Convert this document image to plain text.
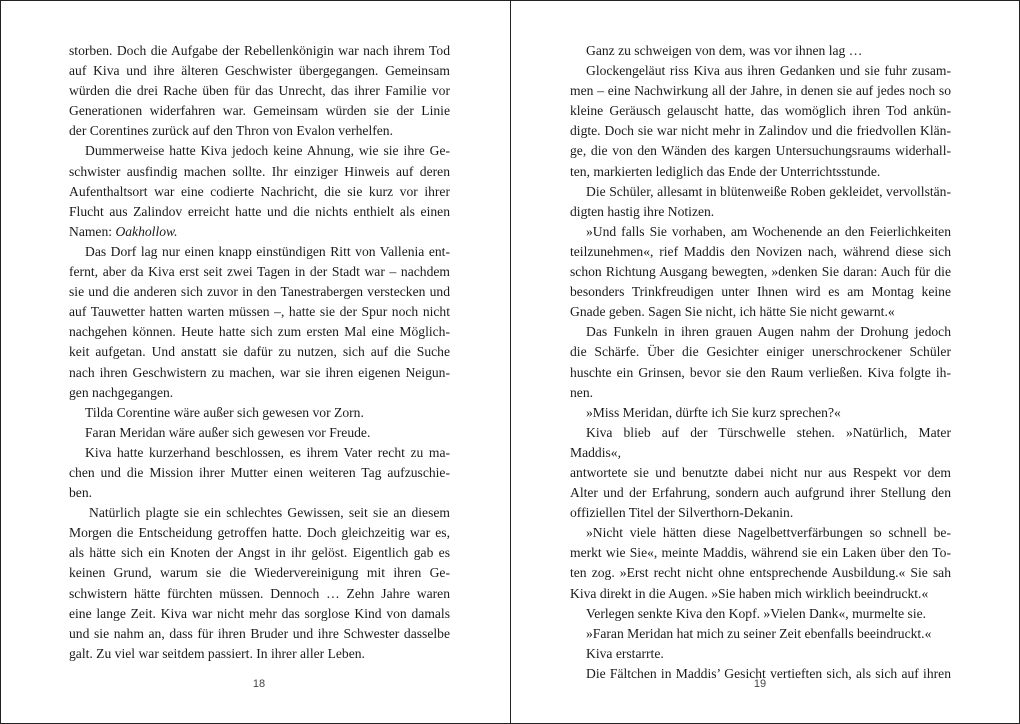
storben. Doch die Aufgabe der Rebellenkönigin war nach ihrem Tod
auf Kiva und ihre älteren Geschwister übergegangen. Gemeinsam
würden die drei Rache üben für das Unrecht, das ihrer Familie vor
Generationen widerfahren war. Gemeinsam würden sie der Linie
der Corentines zurück auf den Thron von Evalon verhelfen.

Dummerweise hatte Kiva jedoch keine Ahnung, wie sie ihre Ge-
schwister ausfindig machen sollte. Ihr einziger Hinweis auf deren
Aufenthaltsort war eine codierte Nachricht, die sie kurz vor ihrer
Flucht aus Zalindov erreicht hatte und die nichts enthielt als einen
Namen: Oakhollow.

Das Dorf lag nur einen knapp einstündigen Ritt von Vallenia ent-
fernt, aber da Kiva erst seit zwei Tagen in der Stadt war – nachdem
sie und die anderen sich zuvor in den Tanestrabergen verstecken und
auf Tauwetter hatten warten müssen –, hatte sie der Spur noch nicht
nachgehen können. Heute hatte sich zum ersten Mal eine Möglich-
keit aufgetan. Und anstatt sie dafür zu nutzen, sich auf die Suche
nach ihren Geschwistern zu machen, war sie ihren eigenen Neigun-
gen nachgegangen.

Tilda Corentine wäre außer sich gewesen vor Zorn.

Faran Meridan wäre außer sich gewesen vor Freude.

Kiva hatte kurzerhand beschlossen, es ihrem Vater recht zu ma-
chen und die Mission ihrer Mutter einen weiteren Tag aufzuschie-
ben.

Natürlich plagte sie ein schlechtes Gewissen, seit sie an diesem
Morgen die Entscheidung getroffen hatte. Doch gleichzeitig war es,
als hätte sich ein Knoten der Angst in ihr gelöst. Eigentlich gab es
keinen Grund, warum sie die Wiedervereinigung mit ihren Ge-
schwistern hätte fürchten müssen. Dennoch … Zehn Jahre waren
eine lange Zeit. Kiva war nicht mehr das sorglose Kind von damals
und sie nahm an, dass für ihren Bruder und ihre Schwester dasselbe
galt. Zu viel war seitdem passiert. In ihrer aller Leben.

Ganz zu schweigen von dem, was vor ihnen lag …

Glockengeläut riss Kiva aus ihren Gedanken und sie fuhr zusam-
men – eine Nachwirkung all der Jahre, in denen sie auf jedes noch so
kleine Geräusch gelauscht hatte, das womöglich ihren Tod ankün-
digte. Doch sie war nicht mehr in Zalindov und die friedvollen Klän-
ge, die von den Wänden des kargen Untersuchungsraums widerhall-
ten, markierten lediglich das Ende der Unterrichtsstunde.

Die Schüler, allesamt in blütenweiße Roben gekleidet, vervollstän-
digten hastig ihre Notizen.

»Und falls Sie vorhaben, am Wochenende an den Feierlichkeiten
teilzunehmen«, rief Maddis den Novizen nach, während diese sich
schon Richtung Ausgang bewegten, »denken Sie daran: Auch für die
besonders Trinkfreudigen unter Ihnen wird es am Montag keine
Gnade geben. Sagen Sie nicht, ich hätte Sie nicht gewarnt.«

Das Funkeln in ihren grauen Augen nahm der Drohung jedoch
die Schärfe. Über die Gesichter einiger unerschrockener Schüler
huschte ein Grinsen, bevor sie den Raum verließen. Kiva folgte ih-
nen.

»Miss Meridan, dürfte ich Sie kurz sprechen?«

Kiva blieb auf der Türschwelle stehen. »Natürlich, Mater Maddis«,
antwortete sie und benutzte dabei nicht nur aus Respekt vor dem
Alter und der Erfahrung, sondern auch aufgrund ihrer Stellung den
offiziellen Titel der Silverthorn-Dekanin.

»Nicht viele hätten diese Nagelbettverfärbungen so schnell be-
merkt wie Sie«, meinte Maddis, während sie ein Laken über den To-
ten zog. »Erst recht nicht ohne entsprechende Ausbildung.« Sie sah
Kiva direkt in die Augen. »Sie haben mich wirklich beeindruckt.«

Verlegen senkte Kiva den Kopf. »Vielen Dank«, murmelte sie.

»Faran Meridan hat mich zu seiner Zeit ebenfalls beeindruckt.«

Kiva erstarrte.

Die Fältchen in Maddis’ Gesicht vertieften sich, als sich auf ihren

18	19
